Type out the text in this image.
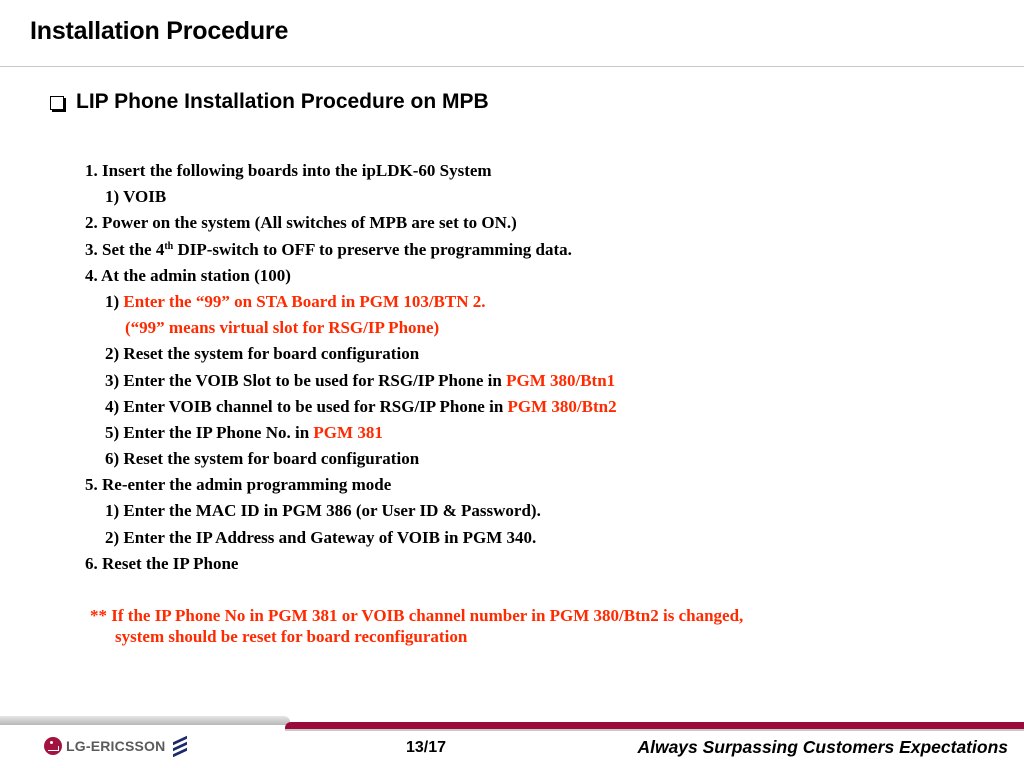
Installation Procedure
LIP Phone Installation Procedure on MPB
1. Insert the following boards into the ipLDK-60 System
1) VOIB
2. Power on the system (All switches of MPB are set to ON.)
3. Set the 4th DIP-switch to OFF to preserve the programming data.
4. At the admin station (100)
1) Enter the “99” on STA Board in PGM 103/BTN 2.
(“99” means virtual slot for RSG/IP Phone)
2) Reset the system for board configuration
3) Enter the VOIB Slot to be used for RSG/IP Phone in PGM 380/Btn1
4) Enter VOIB channel to be used for RSG/IP Phone in PGM 380/Btn2
5) Enter the IP Phone No. in PGM 381
6) Reset the system for board configuration
5. Re-enter the admin programming mode
1) Enter the MAC ID in PGM 386 (or User ID & Password).
2) Enter the IP Address and Gateway of VOIB in PGM 340.
6. Reset the IP Phone
** If the IP Phone No in PGM 381 or VOIB channel number in PGM 380/Btn2 is changed,
system should be reset for board reconfiguration
LG-ERICSSON	13/17	Always Surpassing Customers Expectations
